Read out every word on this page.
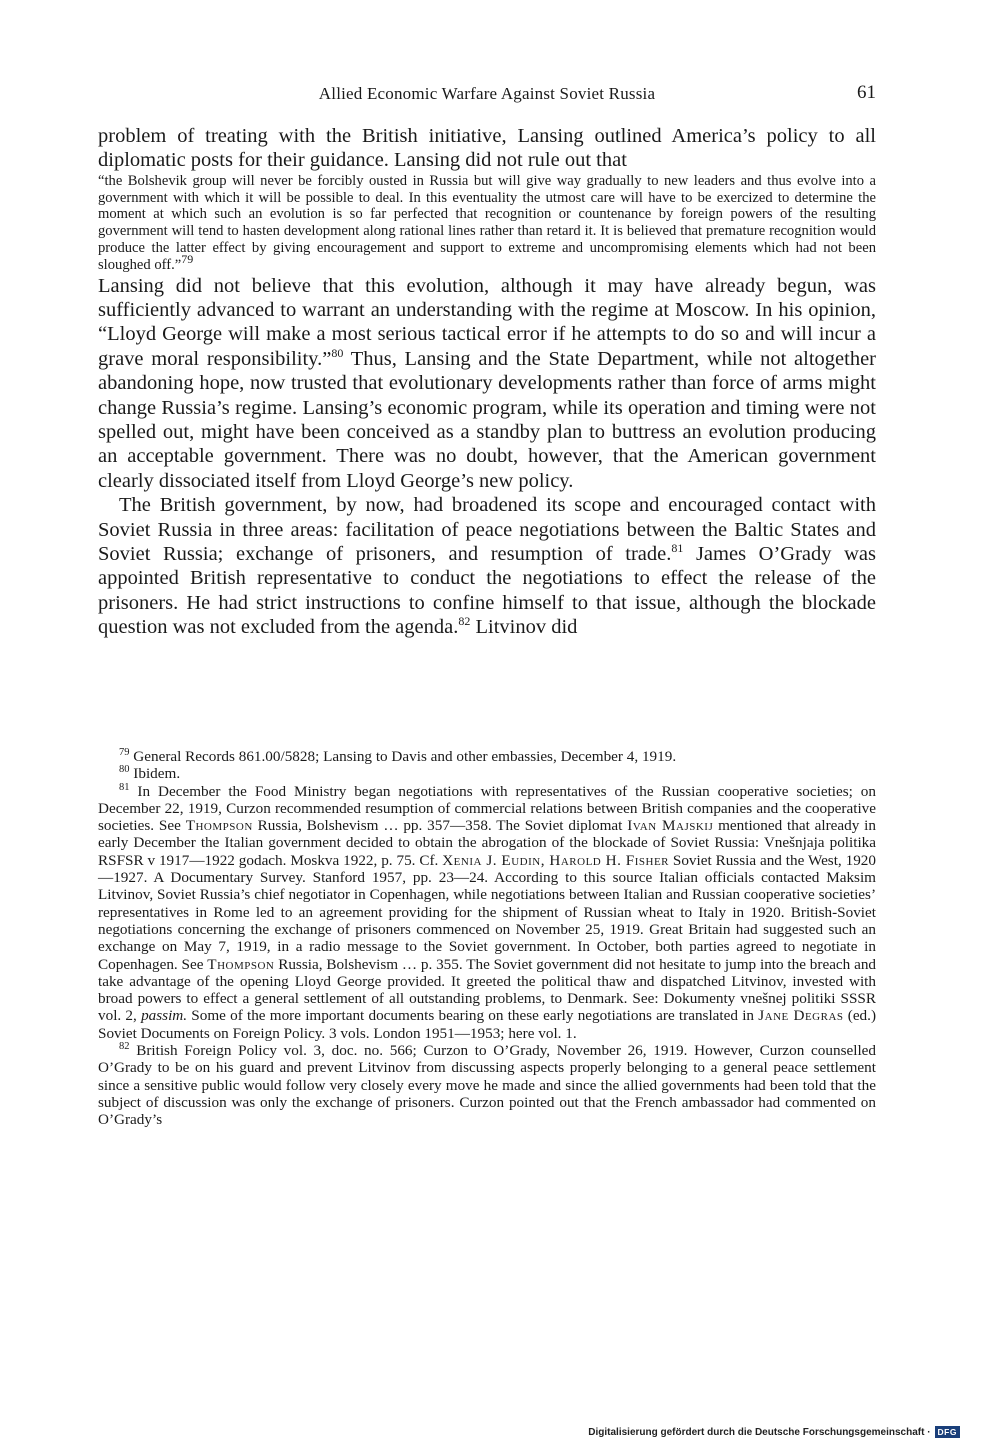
Allied Economic Warfare Against Soviet Russia	61

problem of treating with the British initiative, Lansing outlined America’s policy to all diplomatic posts for their guidance. Lansing did not rule out that

“the Bolshevik group will never be forcibly ousted in Russia but will give way gradually to new leaders and thus evolve into a government with which it will be possible to deal. In this eventuality the utmost care will have to be exercized to determine the moment at which such an evolution is so far perfected that recognition or countenance by foreign powers of the resulting government will tend to hasten development along rational lines rather than retard it. It is believed that premature recognition would produce the latter effect by giving encouragement and support to extreme and uncompromising elements which had not been sloughed off.”$^{79}$

Lansing did not believe that this evolution, although it may have already begun, was sufficiently advanced to warrant an understanding with the regime at Moscow. In his opinion, “Lloyd George will make a most serious tactical error if he attempts to do so and will incur a grave moral responsibility.”$^{80}$ Thus, Lansing and the State Department, while not altogether abandoning hope, now trusted that evolutionary developments rather than force of arms might change Russia’s regime. Lansing’s economic program, while its operation and timing were not spelled out, might have been conceived as a standby plan to buttress an evolution producing an acceptable government. There was no doubt, however, that the American government clearly dissociated itself from Lloyd George’s new policy.

The British government, by now, had broadened its scope and encouraged contact with Soviet Russia in three areas: facilitation of peace negotiations between the Baltic States and Soviet Russia; exchange of prisoners, and resumption of trade.$^{81}$ James O’Grady was appointed British representative to conduct the negotiations to effect the release of the prisoners. He had strict instructions to confine himself to that issue, although the blockade question was not excluded from the agenda.$^{82}$ Litvinov did

$^{79}$ General Records 861.00/5828; Lansing to Davis and other embassies, December 4, 1919.

$^{80}$ Ibidem.

$^{81}$ In December the Food Ministry began negotiations with representatives of the Russian cooperative societies; on December 22, 1919, Curzon recommended resumption of commercial relations between British companies and the cooperative societies. See Thompson Russia, Bolshevism … pp. 357—358. The Soviet diplomat Ivan Majskij mentioned that already in early December the Italian government decided to obtain the abrogation of the blockade of Soviet Russia: Vnešnjaja politika RSFSR v 1917—1922 godach. Moskva 1922, p. 75. Cf. Xenia J. Eudin, Harold H. Fisher Soviet Russia and the West, 1920—1927. A Documentary Survey. Stanford 1957, pp. 23—24. According to this source Italian officials contacted Maksim Litvinov, Soviet Russia’s chief negotiator in Copenhagen, while negotiations between Italian and Russian cooperative societies’ representatives in Rome led to an agreement providing for the shipment of Russian wheat to Italy in 1920. British-Soviet negotiations concerning the exchange of prisoners commenced on November 25, 1919. Great Britain had suggested such an exchange on May 7, 1919, in a radio message to the Soviet government. In October, both parties agreed to negotiate in Copenhagen. See Thompson Russia, Bolshevism … p. 355. The Soviet government did not hesitate to jump into the breach and take advantage of the opening Lloyd George provided. It greeted the political thaw and dispatched Litvinov, invested with broad powers to effect a general settlement of all outstanding problems, to Denmark. See: Dokumenty vnešnej politiki SSSR vol. 2, passim. Some of the more important documents bearing on these early negotiations are translated in Jane Degras (ed.) Soviet Documents on Foreign Policy. 3 vols. London 1951—1953; here vol. 1.

$^{82}$ British Foreign Policy vol. 3, doc. no. 566; Curzon to O’Grady, November 26, 1919. However, Curzon counselled O’Grady to be on his guard and prevent Litvinov from discussing aspects properly belonging to a general peace settlement since a sensitive public would follow very closely every move he made and since the allied governments had been told that the subject of discussion was only the exchange of prisoners. Curzon pointed out that the French ambassador had commented on O’Grady’s

Digitalisierung gefördert durch die Deutsche Forschungsgemeinschaft · DFG
